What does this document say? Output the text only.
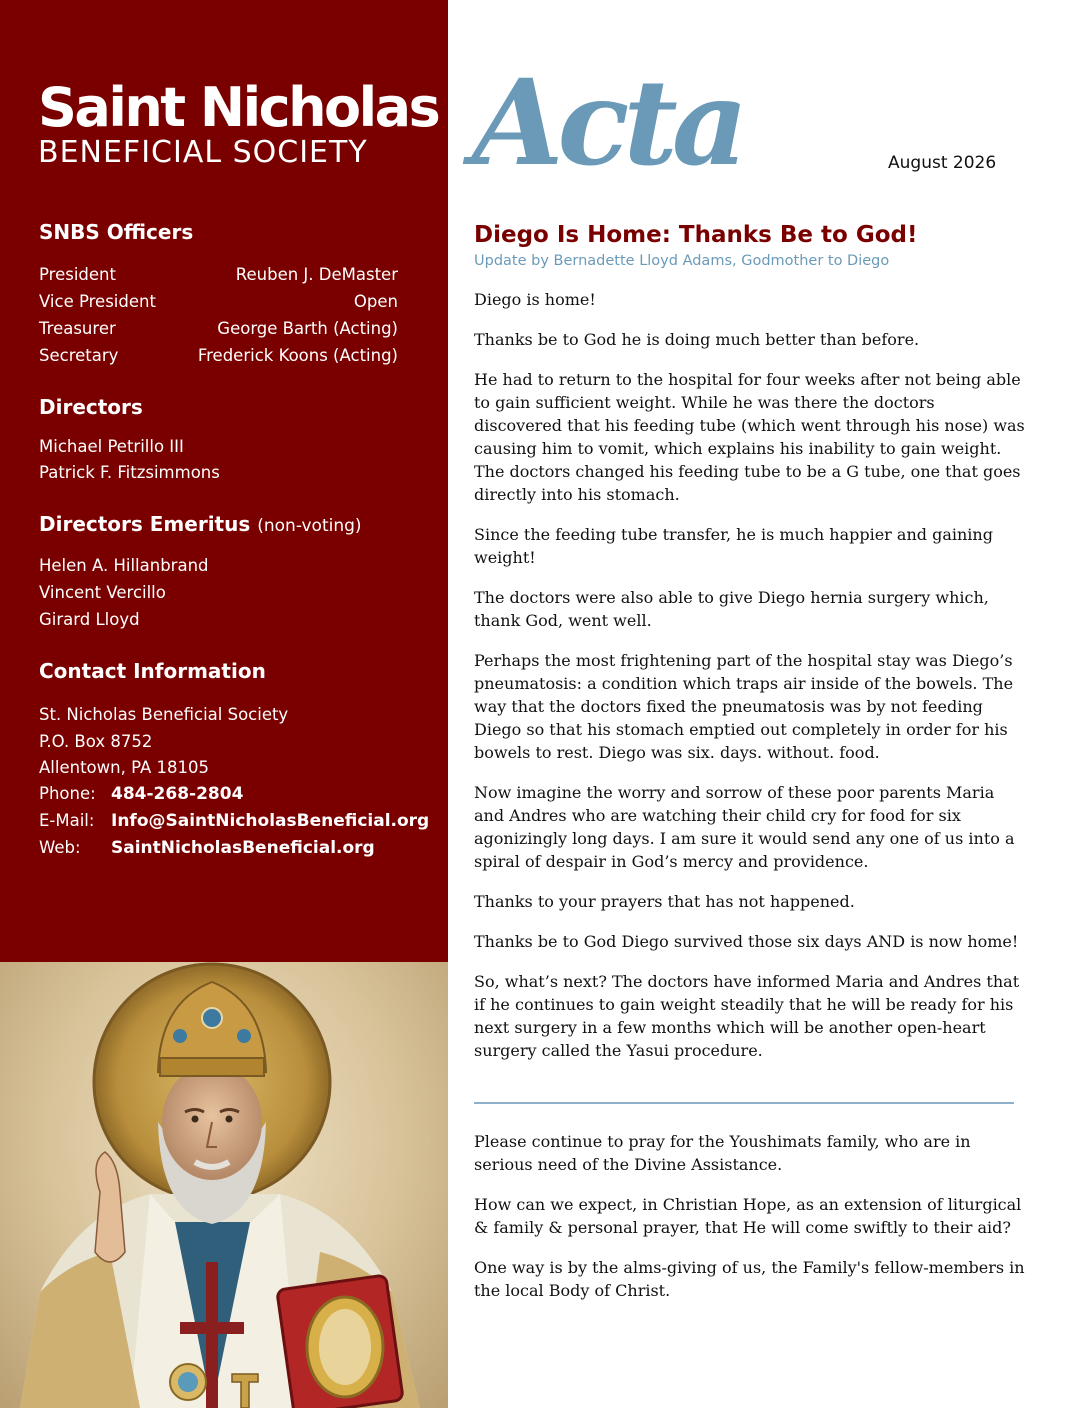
Saint Nicholas
BENEFICIAL SOCIETY
SNBS Officers
President	Reuben J. DeMaster
Vice President	Open
Treasurer	George Barth (Acting)
Secretary	Frederick Koons (Acting)
Directors
Michael Petrillo III
Patrick F. Fitzsimmons
Directors Emeritus (non-voting)
Helen A. Hillanbrand
Vincent Vercillo
Girard Lloyd
Contact Information
St. Nicholas Beneficial Society
P.O. Box 8752
Allentown, PA 18105
Phone: 484-268-2804
E-Mail: Info@SaintNicholasBeneficial.org
Web: SaintNicholasBeneficial.org
Acta	August 2026
Diego Is Home: Thanks Be to God!
Update by Bernadette Lloyd Adams, Godmother to Diego

Diego is home!

Thanks be to God he is doing much better than before.

He had to return to the hospital for four weeks after not being able to gain sufficient weight. While he was there the doctors discovered that his feeding tube (which went through his nose) was causing him to vomit, which explains his inability to gain weight. The doctors changed his feeding tube to be a G tube, one that goes directly into his stomach.

Since the feeding tube transfer, he is much happier and gaining weight!

The doctors were also able to give Diego hernia surgery which, thank God, went well.

Perhaps the most frightening part of the hospital stay was Diego’s pneumatosis: a condition which traps air inside of the bowels. The way that the doctors fixed the pneumatosis was by not feeding Diego so that his stomach emptied out completely in order for his bowels to rest. Diego was six. days. without. food.

Now imagine the worry and sorrow of these poor parents Maria and Andres who are watching their child cry for food for six agonizingly long days. I am sure it would send any one of us into a spiral of despair in God’s mercy and providence.

Thanks to your prayers that has not happened.

Thanks be to God Diego survived those six days AND is now home!

So, what’s next? The doctors have informed Maria and Andres that if he continues to gain weight steadily that he will be ready for his next surgery in a few months which will be another open-heart surgery called the Yasui procedure.

Please continue to pray for the Youshimats family, who are in serious need of the Divine Assistance.

How can we expect, in Christian Hope, as an extension of liturgical & family & personal prayer, that He will come swiftly to their aid?

One way is by the alms-giving of us, the Family's fellow-members in the local Body of Christ.
